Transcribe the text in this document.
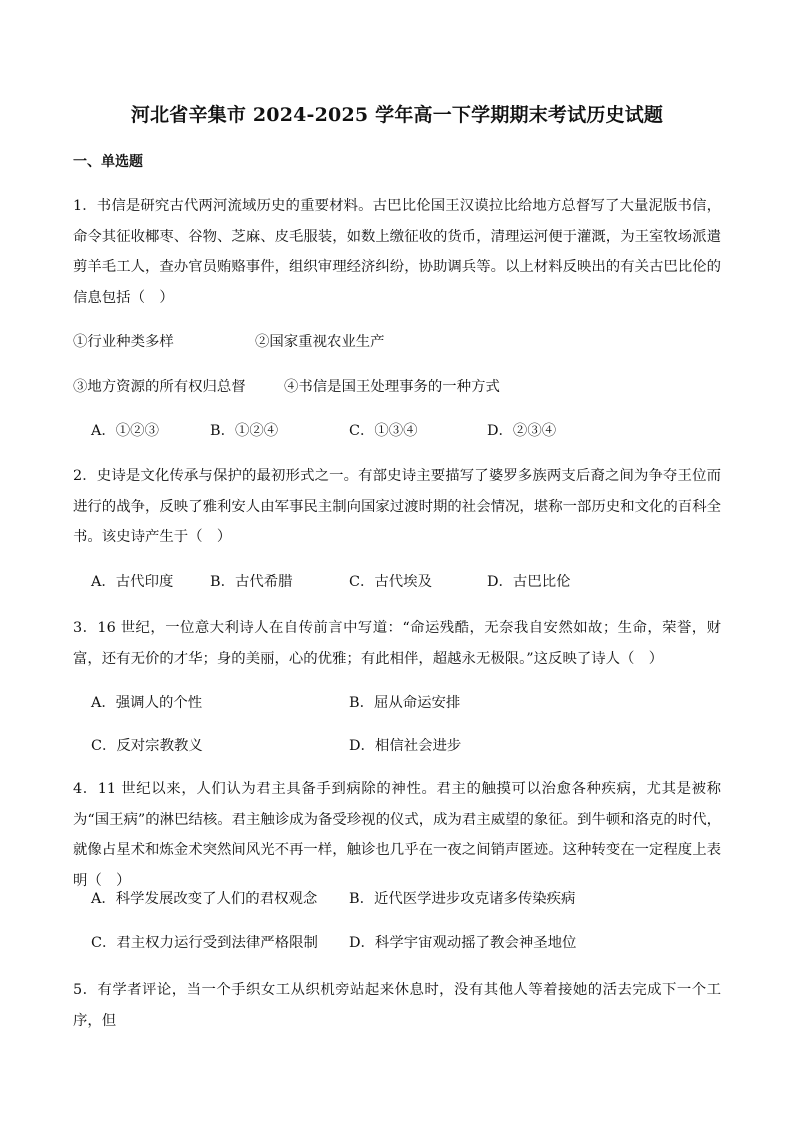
河北省辛集市 2024-2025 学年高一下学期期末考试历史试题
一、单选题
1．书信是研究古代两河流域历史的重要材料。古巴比伦国王汉谟拉比给地方总督写了大量泥版书信，命令其征收椰枣、谷物、芝麻、皮毛服装，如数上缴征收的货币，清理运河便于灌溉，为王室牧场派遣剪羊毛工人，查办官员贿赂事件，组织审理经济纠纷，协助调兵等。以上材料反映出的有关古巴比伦的信息包括（　）
①行业种类多样	②国家重视农业生产
③地方资源的所有权归总督	④书信是国王处理事务的一种方式
A．①②③	B．①②④	C．①③④	D．②③④
2．史诗是文化传承与保护的最初形式之一。有部史诗主要描写了婆罗多族两支后裔之间为争夺王位而进行的战争，反映了雅利安人由军事民主制向国家过渡时期的社会情况，堪称一部历史和文化的百科全书。该史诗产生于（　）
A．古代印度	B．古代希腊	C．古代埃及	D．古巴比伦
3．16 世纪，一位意大利诗人在自传前言中写道：“命运残酷，无奈我自安然如故；生命，荣誉，财富，还有无价的才华；身的美丽，心的优雅；有此相伴，超越永无极限。”这反映了诗人（　）
A．强调人的个性	B．屈从命运安排
C．反对宗教教义	D．相信社会进步
4．11 世纪以来，人们认为君主具备手到病除的神性。君主的触摸可以治愈各种疾病，尤其是被称为“国王病”的淋巴结核。君主触诊成为备受珍视的仪式，成为君主威望的象征。到牛顿和洛克的时代，就像占星术和炼金术突然间风光不再一样，触诊也几乎在一夜之间销声匿迹。这种转变在一定程度上表明（　）
A．科学发展改变了人们的君权观念 B．近代医学进步攻克诸多传染疾病
C．君主权力运行受到法律严格限制 D．科学宇宙观动摇了教会神圣地位
5．有学者评论，当一个手织女工从织机旁站起来休息时，没有其他人等着接她的活去完成下一个工序，但
